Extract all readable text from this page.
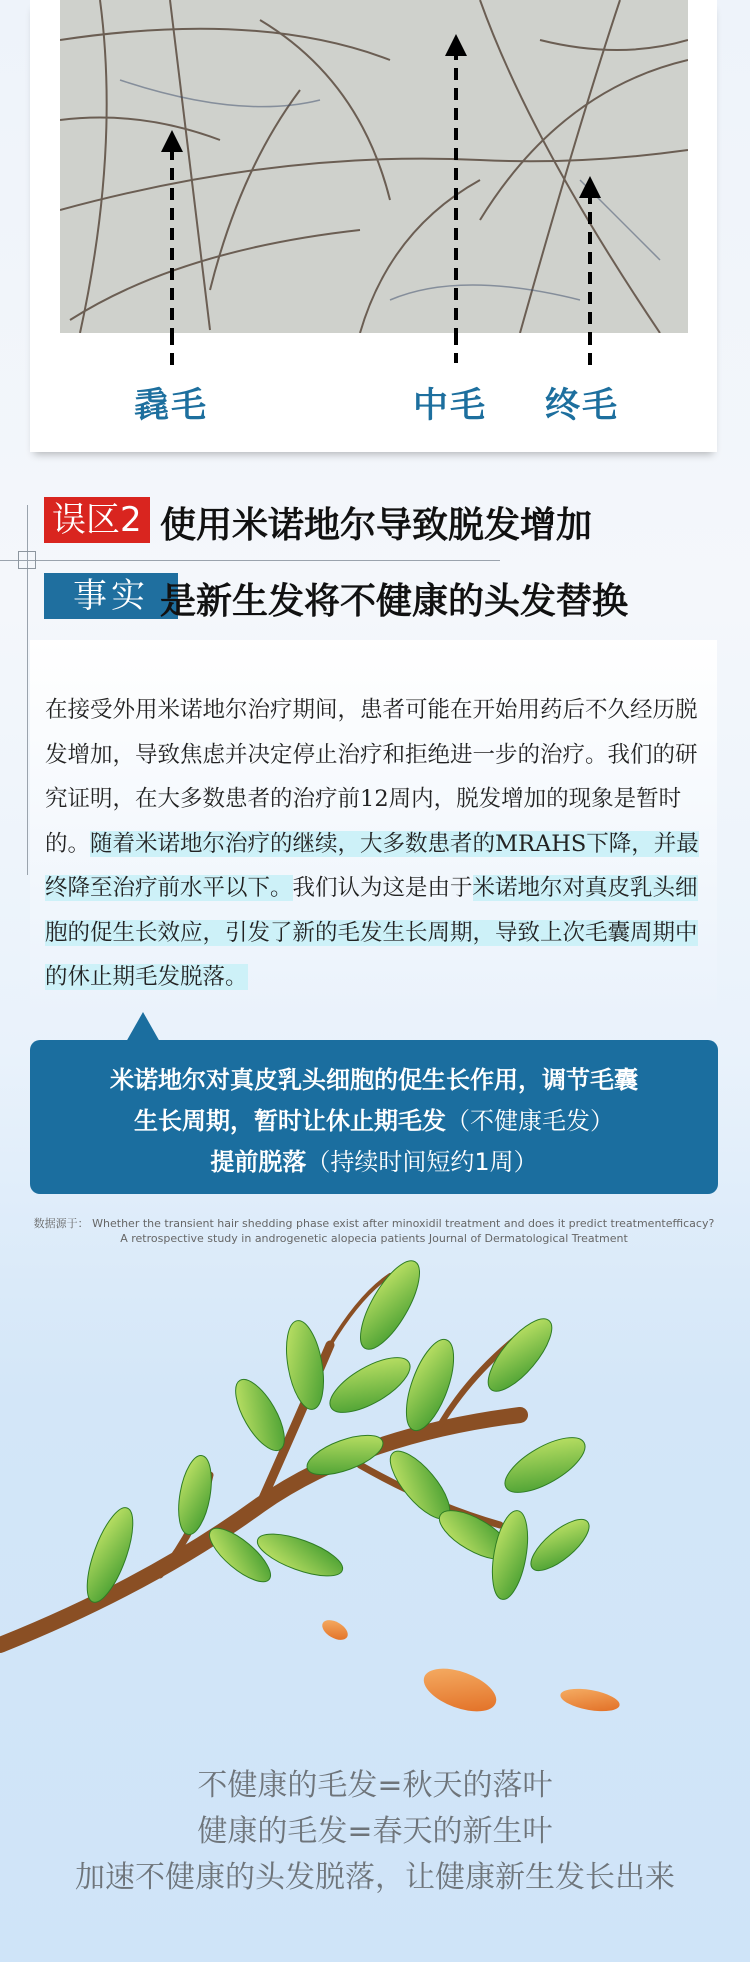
毳毛	中毛 终毛
误区2 使用米诺地尔导致脱发增加
事实 是新生发将不健康的头发替换
在接受外用米诺地尔治疗期间，患者可能在开始用药后不久经历脱发增加，导致焦虑并决定停止治疗和拒绝进一步的治疗。我们的研究证明，在大多数患者的治疗前12周内，脱发增加的现象是暂时的。随着米诺地尔治疗的继续，大多数患者的MRAHS下降，并最终降至治疗前水平以下。我们认为这是由于米诺地尔对真皮乳头细胞的促生长效应，引发了新的毛发生长周期，导致上次毛囊周期中的休止期毛发脱落。
米诺地尔对真皮乳头细胞的促生长作用，调节毛囊
生长周期，暂时让休止期毛发（不健康毛发）
提前脱落（持续时间短约1周）
数据源于： Whether the transient hair shedding phase exist after minoxidil treatment and does it predict treatmentefficacy?
A retrospective study in androgenetic alopecia patients Journal of Dermatological Treatment
不健康的毛发=秋天的落叶
健康的毛发=春天的新生叶
加速不健康的头发脱落，让健康新生发长出来
